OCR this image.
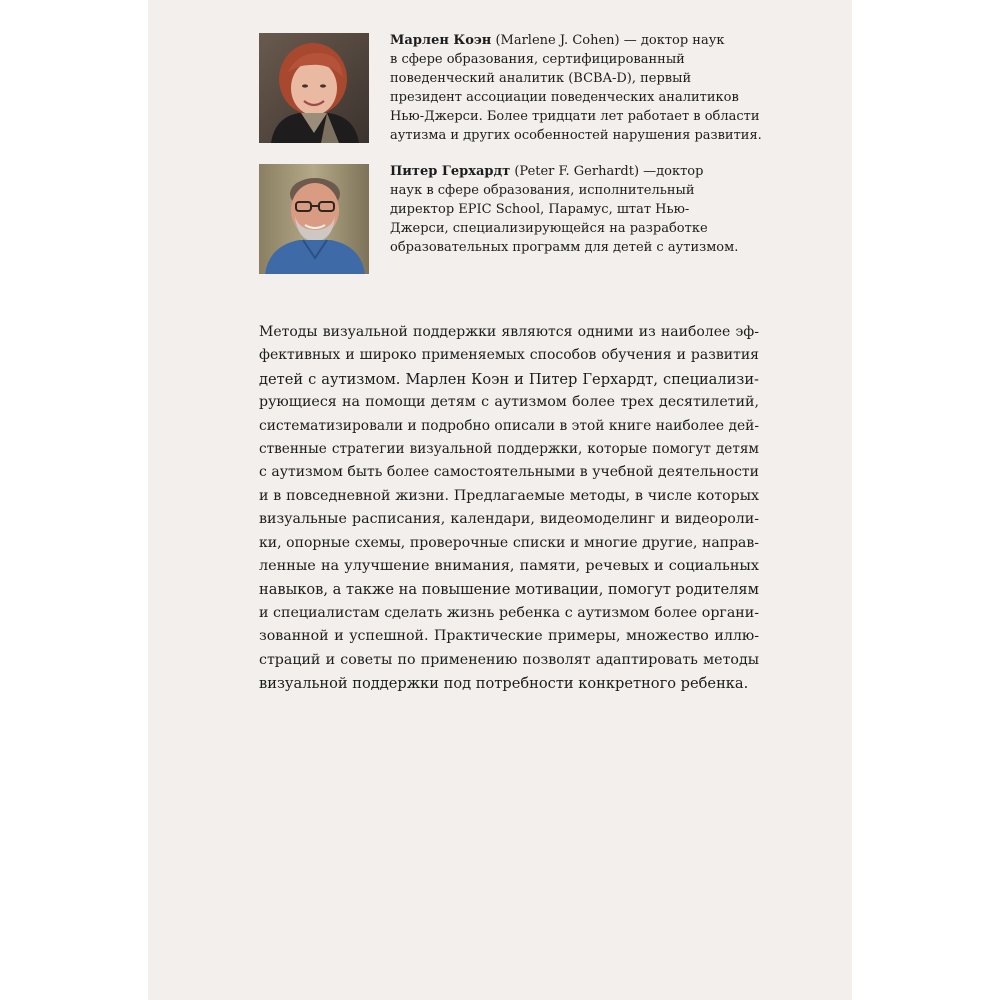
Марлен Коэн (Marlene J. Cohen) — доктор наук
в сфере образования, сертифицированный
поведенческий аналитик (BCBA-D), первый
президент ассоциации поведенческих аналитиков
Нью-Джерси. Более тридцати лет работает в области
аутизма и других особенностей нарушения развития.

Питер Герхардт (Peter F. Gerhardt) —доктор
наук в сфере образования, исполнительный
директор EPIC School, Парамус, штат Нью-
Джерси, специализирующейся на разработке
образовательных программ для детей с аутизмом.

Методы визуальной поддержки являются одними из наиболее эф-
фективных и широко применяемых способов обучения и развития
детей с аутизмом. Марлен Коэн и Питер Герхардт, специализи-
рующиеся на помощи детям с аутизмом более трех десятилетий,
систематизировали и подробно описали в этой книге наиболее дей-
ственные стратегии визуальной поддержки, которые помогут детям
с аутизмом быть более самостоятельными в учебной деятельности
и в повседневной жизни. Предлагаемые методы, в числе которых
визуальные расписания, календари, видеомоделинг и видеороли-
ки, опорные схемы, проверочные списки и многие другие, направ-
ленные на улучшение внимания, памяти, речевых и социальных
навыков, а также на повышение мотивации, помогут родителям
и специалистам сделать жизнь ребенка с аутизмом более органи-
зованной и успешной. Практические примеры, множество иллю-
страций и советы по применению позволят адаптировать методы
визуальной поддержки под потребности конкретного ребенка.
